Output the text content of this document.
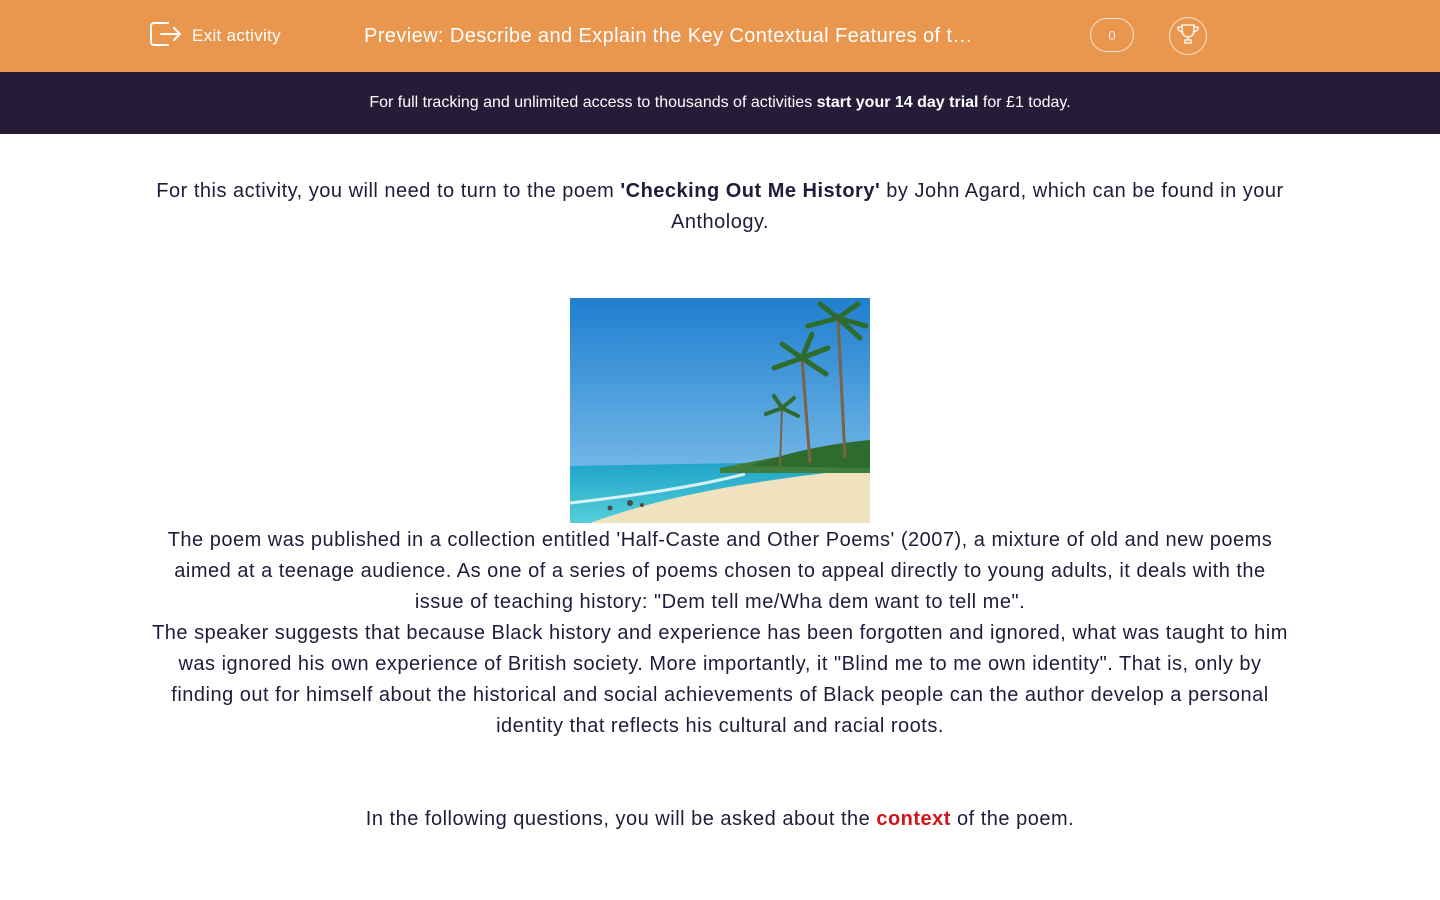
Exit activity	Preview: Describe and Explain the Key Contextual Features of t…	0
For full tracking and unlimited access to thousands of activities start your 14 day trial for £1 today.

For this activity, you will need to turn to the poem 'Checking Out Me History' by John Agard, which can be found in your Anthology.

The poem was published in a collection entitled 'Half-Caste and Other Poems' (2007), a mixture of old and new poems aimed at a teenage audience. As one of a series of poems chosen to appeal directly to young adults, it deals with the issue of teaching history: "Dem tell me/Wha dem want to tell me".

The speaker suggests that because Black history and experience has been forgotten and ignored, what was taught to him was ignored his own experience of British society. More importantly, it "Blind me to me own identity". That is, only by finding out for himself about the historical and social achievements of Black people can the author develop a personal identity that reflects his cultural and racial roots.

In the following questions, you will be asked about the context of the poem.
